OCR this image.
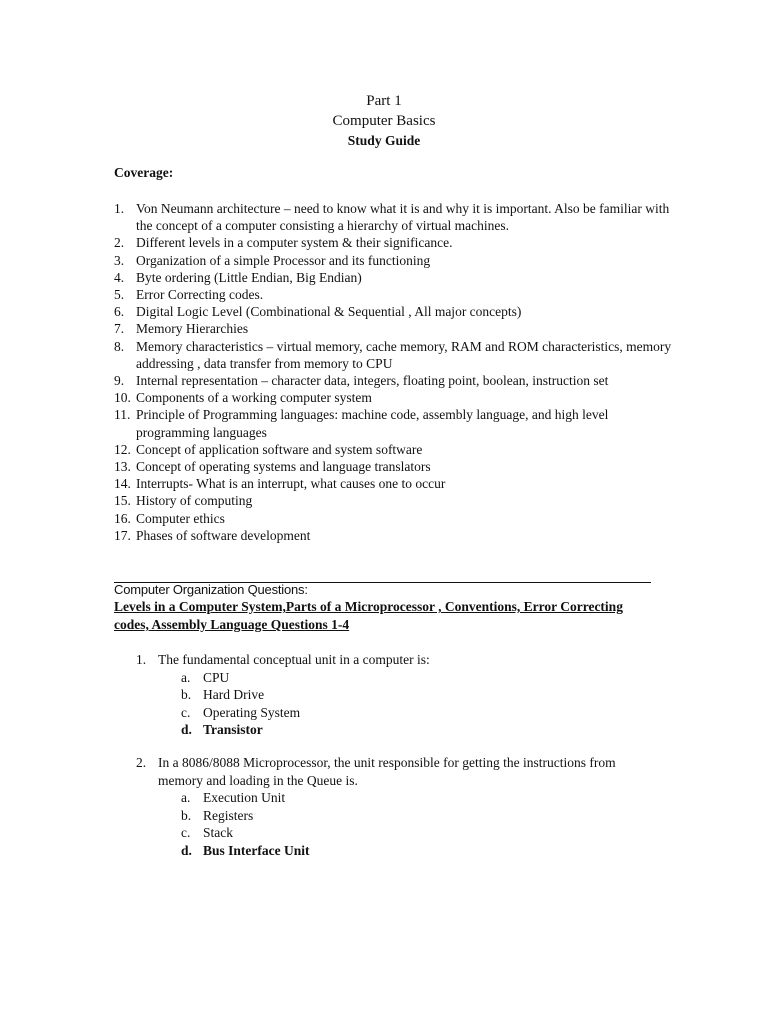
Part 1
Computer Basics
Study Guide
Coverage:
1. Von Neumann architecture – need to know what it is and why it is important. Also be familiar with the concept of a computer consisting a hierarchy of virtual machines.
2. Different levels in a computer system & their significance.
3. Organization of a simple Processor and its functioning
4. Byte ordering (Little Endian, Big Endian)
5. Error Correcting codes.
6. Digital Logic Level (Combinational & Sequential , All major concepts)
7. Memory Hierarchies
8. Memory characteristics – virtual memory, cache memory, RAM and ROM characteristics, memory addressing , data transfer from memory to CPU
9. Internal representation – character data, integers, floating point, boolean, instruction set
10. Components of a working computer system
11. Principle of Programming languages: machine code, assembly language, and high level programming languages
12. Concept of application software and system software
13. Concept of operating systems and language translators
14. Interrupts- What is an interrupt, what causes one to occur
15. History of computing
16. Computer ethics
17. Phases of software development
Computer Organization Questions:
Levels in a Computer System,Parts of a Microprocessor , Conventions, Error Correcting codes, Assembly Language Questions 1-4
1. The fundamental conceptual unit in a computer is:
a. CPU
b. Hard Drive
c. Operating System
d. Transistor
2. In a 8086/8088 Microprocessor, the unit responsible for getting the instructions from memory and loading in the Queue is.
a. Execution Unit
b. Registers
c. Stack
d. Bus Interface Unit
